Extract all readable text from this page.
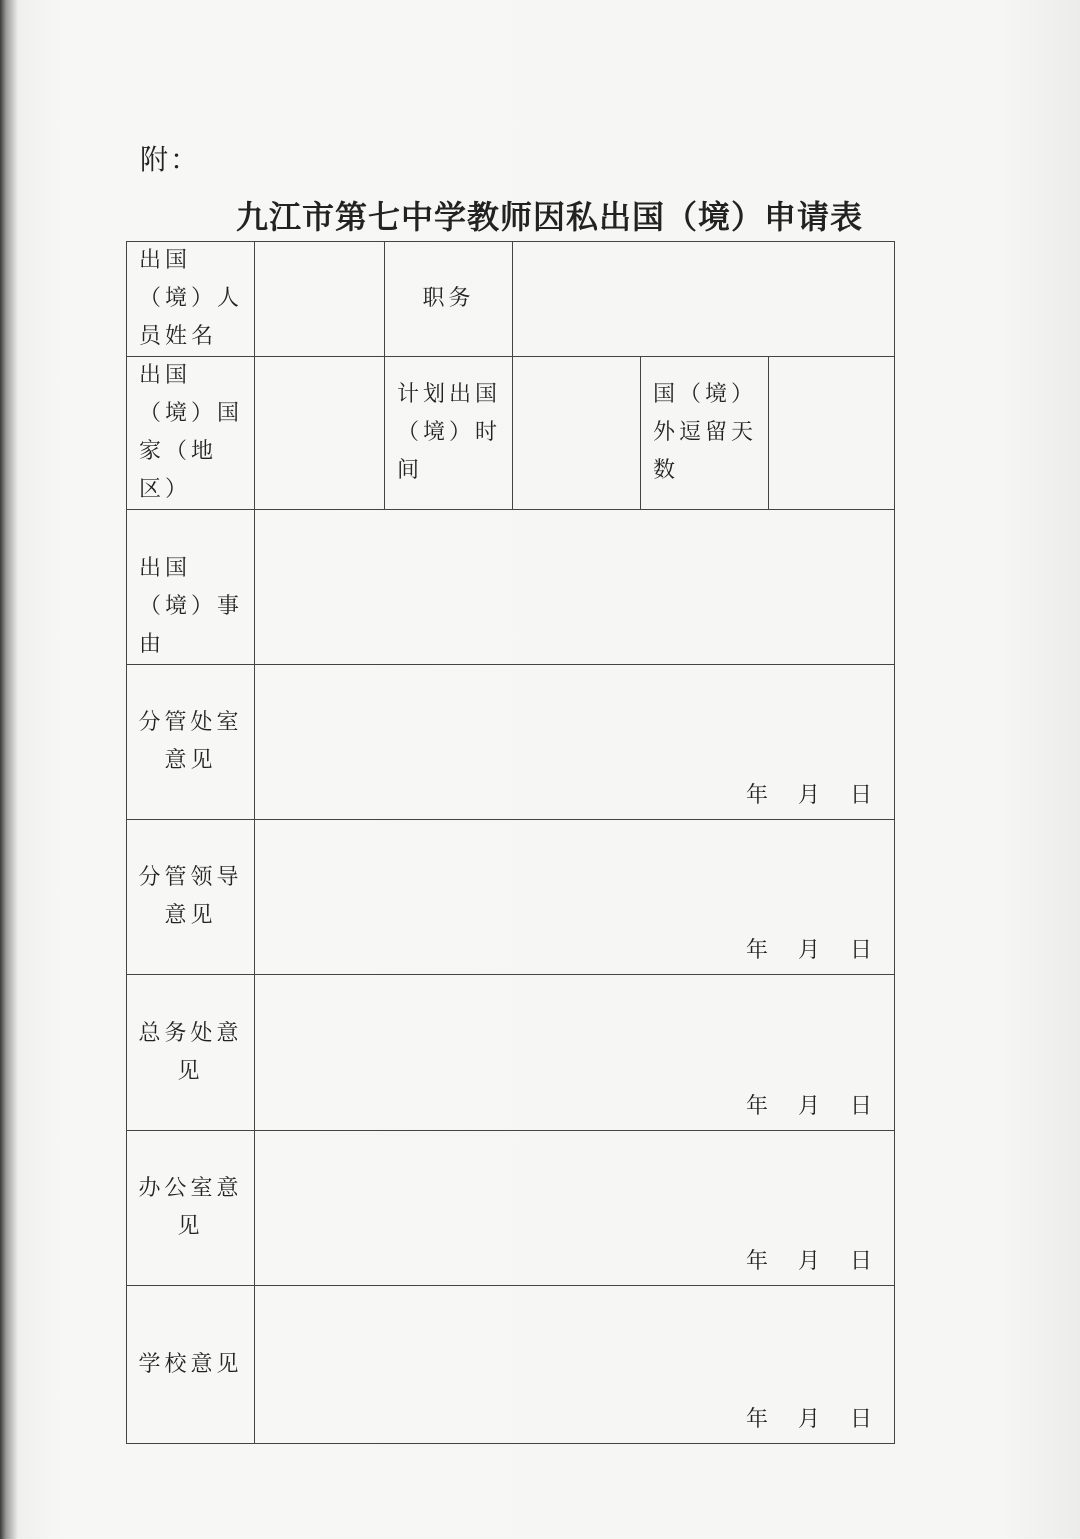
附：
九江市第七中学教师因私出国（境）申请表
出国（境）人员姓名		职务			
出国（境）国家（地区）		计划出国（境）时间		国（境）外逗留天数	
出国（境）事由					
分管处室意见	年 月 日				

分管领导意见	年 月 日				

总务处意见	年 月 日				

办公室意见	年 月 日				

学校意见	年 月 日				
